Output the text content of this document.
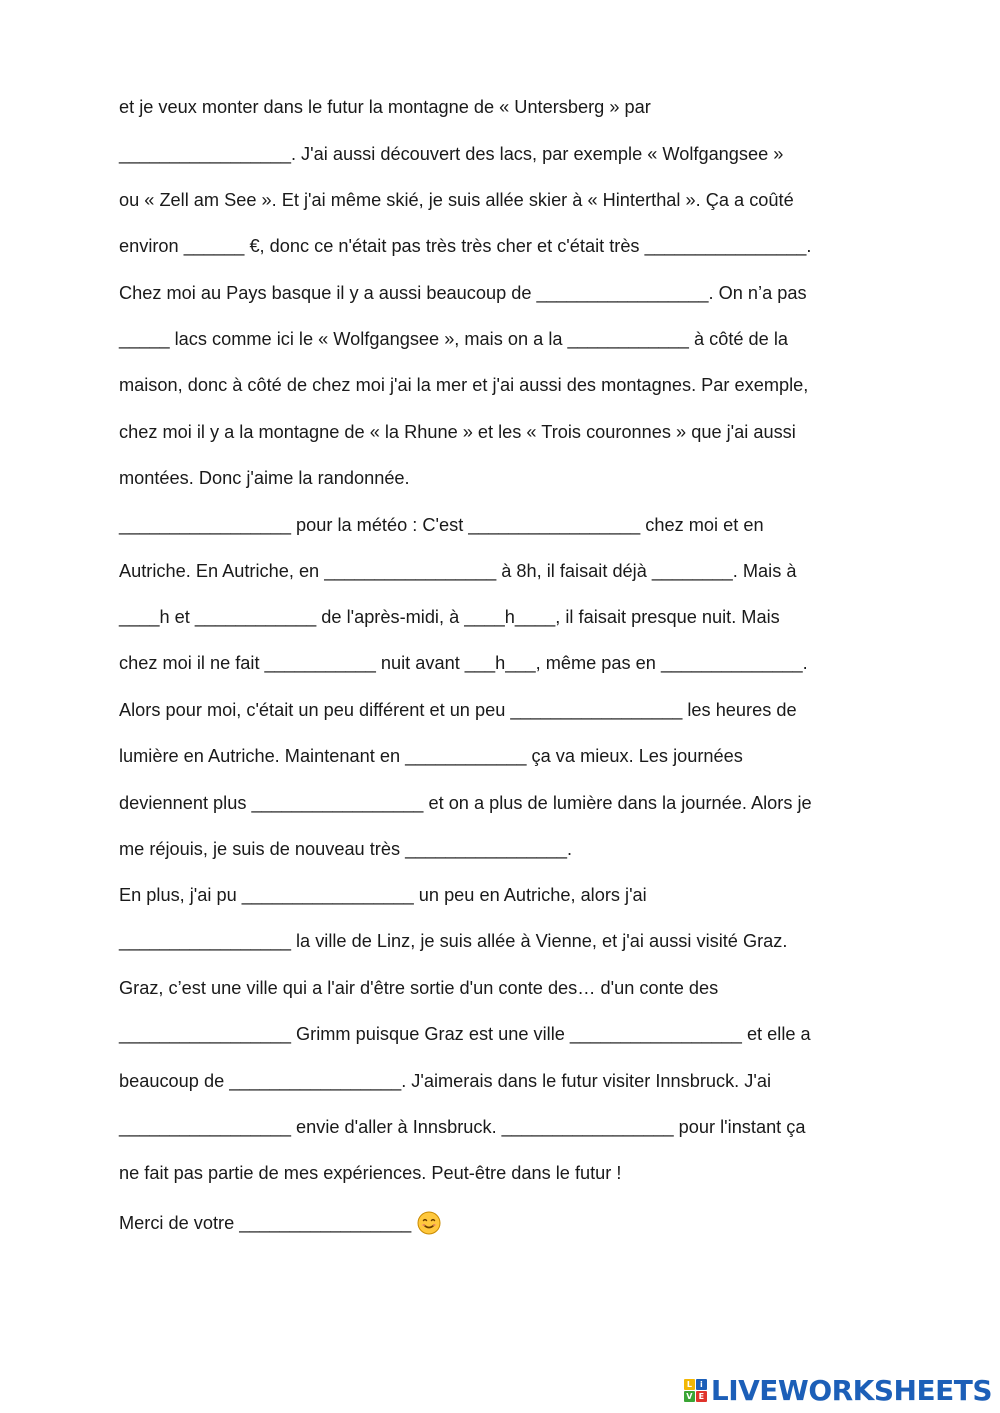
et je veux monter dans le futur la montagne de « Untersberg » par
_________________. J'ai aussi découvert des lacs, par exemple « Wolfgangsee »
ou « Zell am See ». Et j'ai même skié, je suis allée skier à « Hinterthal ». Ça a coûté
environ ______ €, donc ce n'était pas très très cher et c'était très ________________.
Chez moi au Pays basque il y a aussi beaucoup de _________________. On n’a pas
_____ lacs comme ici le « Wolfgangsee », mais on a la ____________ à côté de la
maison, donc à côté de chez moi j'ai la mer et j'ai aussi des montagnes. Par exemple,
chez moi il y a la montagne de « la Rhune » et les « Trois couronnes » que j'ai aussi
montées. Donc j'aime la randonnée.
_________________ pour la météo : C'est _________________ chez moi et en
Autriche. En Autriche, en _________________ à 8h, il faisait déjà ________. Mais à
____h et ____________ de l'après-midi, à ____h____, il faisait presque nuit. Mais
chez moi il ne fait ___________ nuit avant ___h___, même pas en ______________.
Alors pour moi, c'était un peu différent et un peu _________________ les heures de
lumière en Autriche. Maintenant en ____________ ça va mieux. Les journées
deviennent plus _________________ et on a plus de lumière dans la journée. Alors je
me réjouis, je suis de nouveau très ________________.
En plus, j'ai pu _________________ un peu en Autriche, alors j'ai
_________________ la ville de Linz, je suis allée à Vienne, et j'ai aussi visité Graz.
Graz, c’est une ville qui a l'air d'être sortie d'un conte des… d'un conte des
_________________ Grimm puisque Graz est une ville _________________ et elle a
beaucoup de _________________. J'aimerais dans le futur visiter Innsbruck. J'ai
_________________ envie d'aller à Innsbruck. _________________ pour l'instant ça
ne fait pas partie de mes expériences. Peut-être dans le futur !
Merci de votre _________________
L	i
V E LIVEWORKSHEETS
